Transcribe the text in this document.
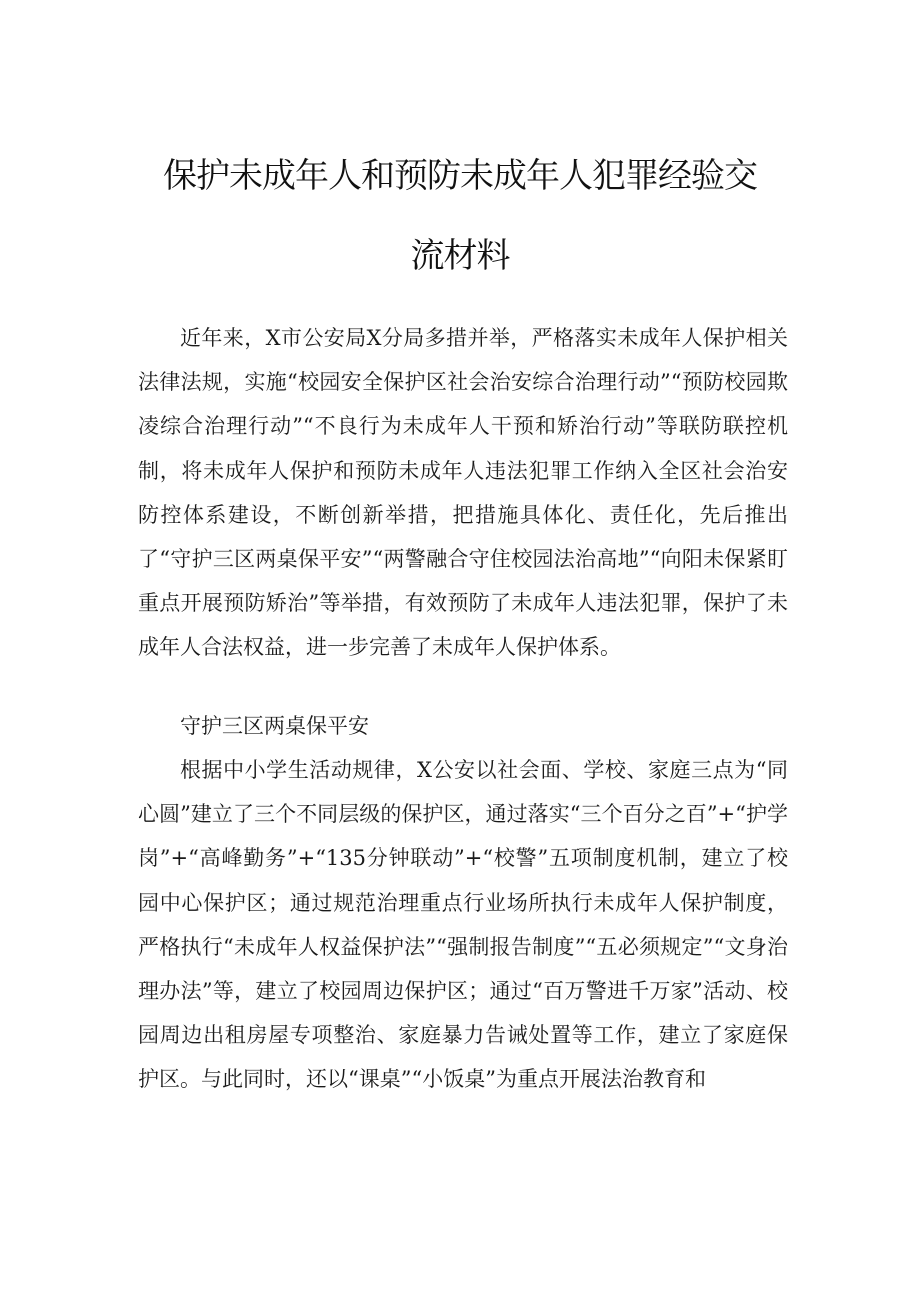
保护未成年人和预防未成年人犯罪经验交
流材料

近年来，X市公安局X分局多措并举，严格落实未成年人保护相关法律法规，实施“校园安全保护区社会治安综合治理行动”“预防校园欺凌综合治理行动”“不良行为未成年人干预和矫治行动”等联防联控机制，将未成年人保护和预防未成年人违法犯罪工作纳入全区社会治安防控体系建设，不断创新举措，把措施具体化、责任化，先后推出了“守护三区两桌保平安”“两警融合守住校园法治高地”“向阳未保紧盯重点开展预防矫治”等举措，有效预防了未成年人违法犯罪，保护了未成年人合法权益，进一步完善了未成年人保护体系。

守护三区两桌保平安

根据中小学生活动规律，X公安以社会面、学校、家庭三点为“同心圆”建立了三个不同层级的保护区，通过落实“三个百分之百”+“护学岗”+“高峰勤务”+“135分钟联动”+“校警”五项制度机制，建立了校园中心保护区；通过规范治理重点行业场所执行未成年人保护制度，严格执行“未成年人权益保护法”“强制报告制度”“五必须规定”“文身治理办法”等，建立了校园周边保护区；通过“百万警进千万家”活动、校园周边出租房屋专项整治、家庭暴力告诫处置等工作，建立了家庭保护区。与此同时，还以“课桌”“小饭桌”为重点开展法治教育和
